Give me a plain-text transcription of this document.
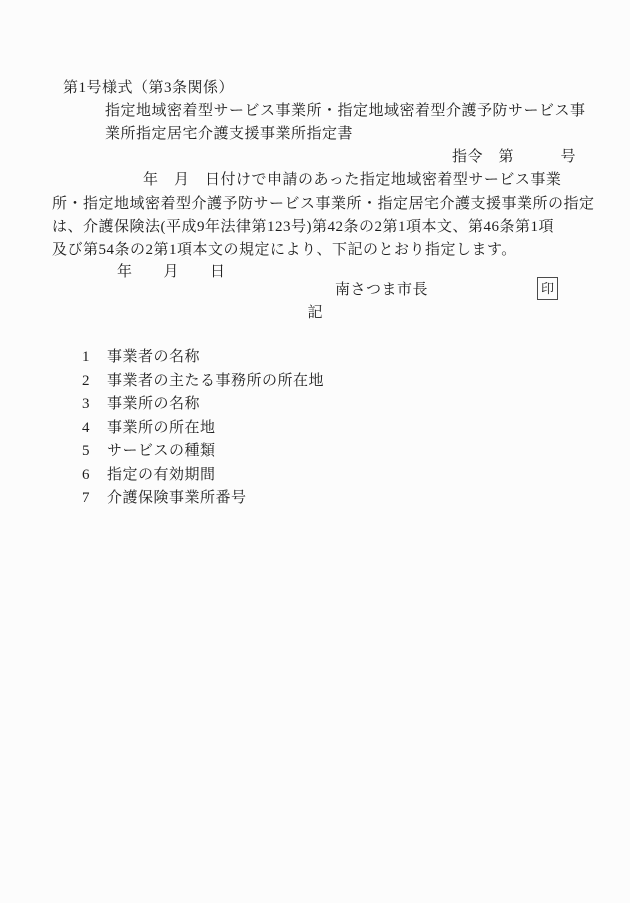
第1号様式（第3条関係）
指定地域密着型サービス事業所・指定地域密着型介護予防サービス事
業所指定居宅介護支援事業所指定書
指令　第　　　号
年　月　日付けで申請のあった指定地域密着型サービス事業
所・指定地域密着型介護予防サービス事業所・指定居宅介護支援事業所の指定
は、介護保険法(平成9年法律第123号)第42条の2第1項本文、第46条第1項
及び第54条の2第1項本文の規定により、下記のとおり指定します。
年　　月　　日
南さつま市長	印
記

1 事業者の名称

2 事業者の主たる事務所の所在地

3 事業所の名称

4 事業所の所在地

5 サービスの種類

6 指定の有効期間

7 介護保険事業所番号
